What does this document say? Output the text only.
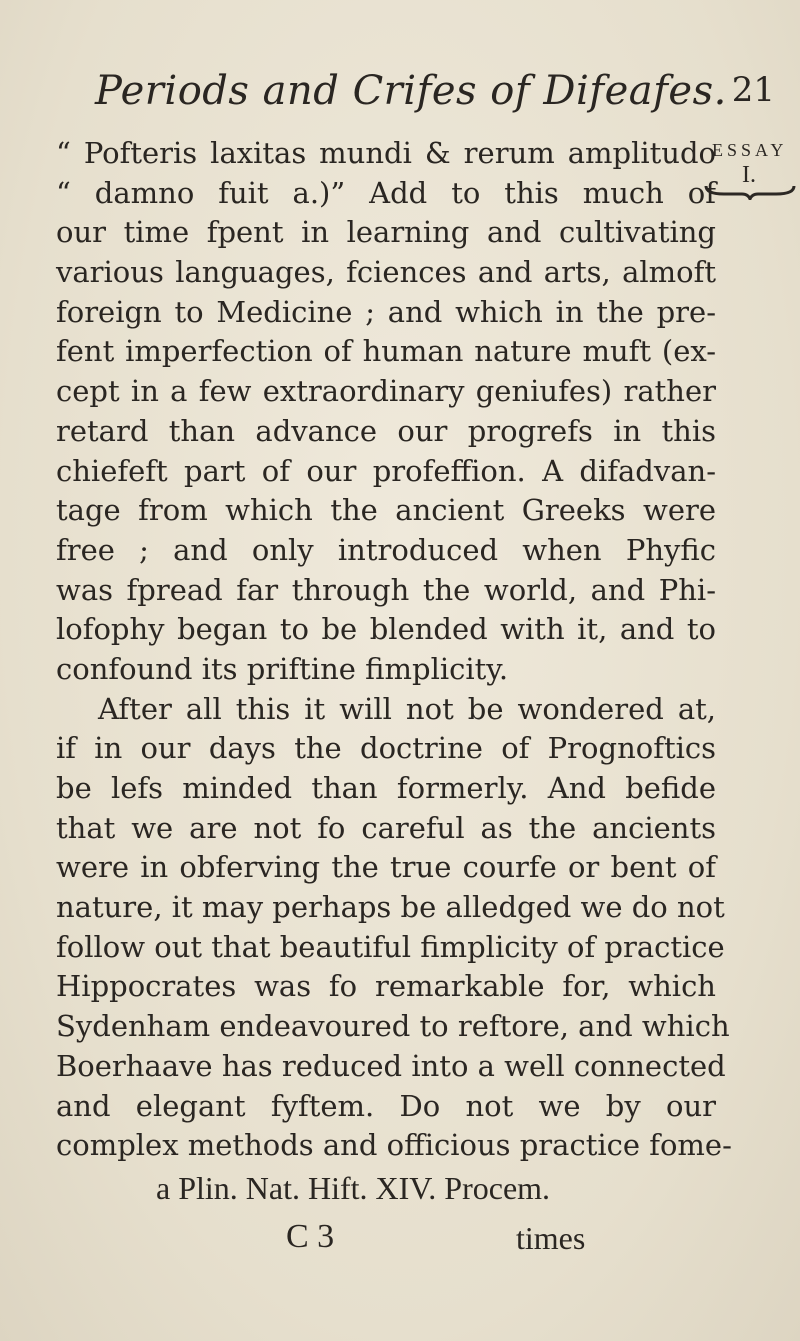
Periods and Crifes of Difeafes. 21
ESSAY
I.
“ Pofteris laxitas mundi & rerum amplitudo
“ damno fuit a.)” Add to this much of
our time fpent in learning and cultivating
various languages, fciences and arts, almoft
foreign to Medicine ; and which in the pre-
fent imperfection of human nature muft (ex-
cept in a few extraordinary geniufes) rather
retard than advance our progrefs in this
chiefeft part of our profeffion. A difadvan-
tage from which the ancient Greeks were
free ; and only introduced when Phyfic
was fpread far through the world, and Phi-
lofophy began to be blended with it, and to
confound its priftine fimplicity.
After all this it will not be wondered at,
if in our days the doctrine of Prognoftics
be lefs minded than formerly. And befide
that we are not fo careful as the ancients
were in obferving the true courfe or bent of
nature, it may perhaps be alledged we do not
follow out that beautiful fimplicity of practice
Hippocrates was fo remarkable for, which
Sydenham endeavoured to reftore, and which
Boerhaave has reduced into a well connected
and elegant fyftem. Do not we by our
complex methods and officious practice fome-
a Plin. Nat. Hift. XIV. Procem.
C 3	times
